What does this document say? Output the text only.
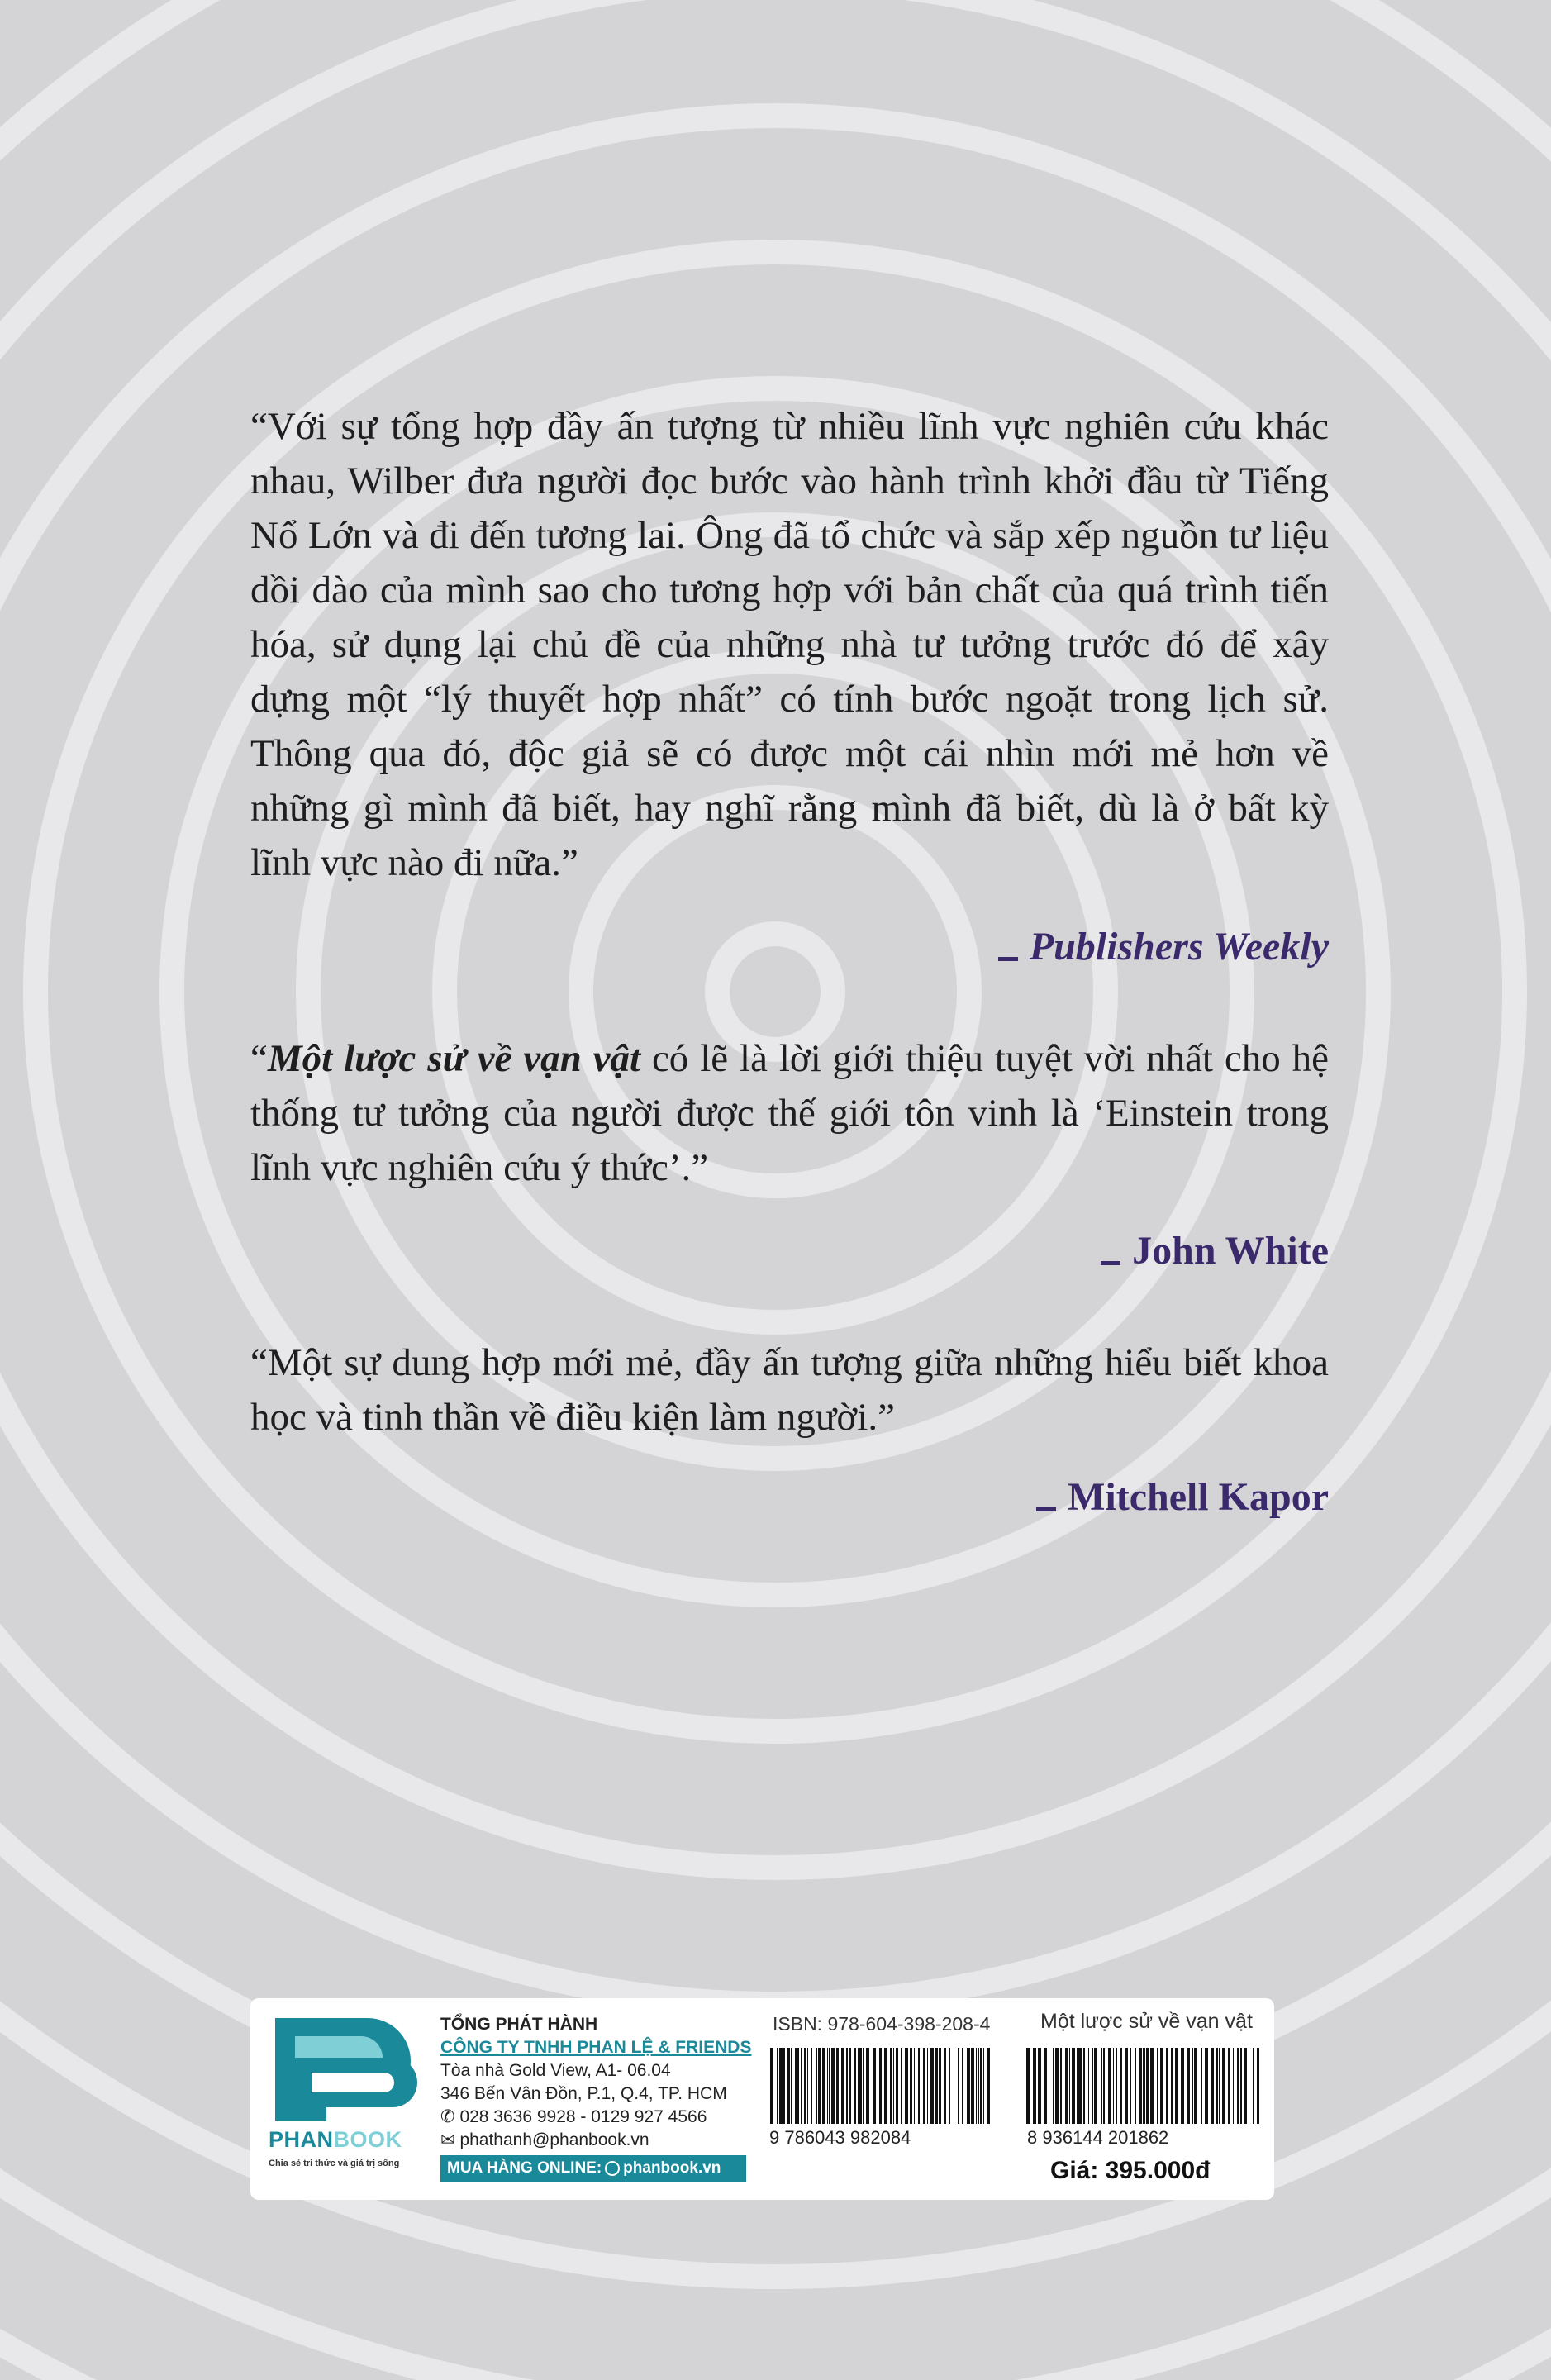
“Với sự tổng hợp đầy ấn tượng từ nhiều lĩnh vực nghiên cứu khác nhau, Wilber đưa người đọc bước vào hành trình khởi đầu từ Tiếng Nổ Lớn và đi đến tương lai. Ông đã tổ chức và sắp xếp nguồn tư liệu dồi dào của mình sao cho tương hợp với bản chất của quá trình tiến hóa, sử dụng lại chủ đề của những nhà tư tưởng trước đó để xây dựng một “lý thuyết hợp nhất” có tính bước ngoặt trong lịch sử. Thông qua đó, độc giả sẽ có được một cái nhìn mới mẻ hơn về những gì mình đã biết, hay nghĩ rằng mình đã biết, dù là ở bất kỳ lĩnh vực nào đi nữa.”
Publishers Weekly
“Một lược sử về vạn vật có lẽ là lời giới thiệu tuyệt vời nhất cho hệ thống tư tưởng của người được thế giới tôn vinh là ‘Einstein trong lĩnh vực nghiên cứu ý thức’.”
John White
“Một sự dung hợp mới mẻ, đầy ấn tượng giữa những hiểu biết khoa học và tinh thần về điều kiện làm người.”
Mitchell Kapor
PHANBOOK
Chia sẻ tri thức và giá trị sống
TỔNG PHÁT HÀNH
CÔNG TY TNHH PHAN LỆ & FRIENDS
Tòa nhà Gold View, A1- 06.04
346 Bến Vân Đồn, P.1, Q.4, TP. HCM
✆ 028 3636 9928 - 0129 927 4566
✉ phathanh@phanbook.vn
MUA HÀNG ONLINE: phanbook.vn
ISBN: 978-604-398-208-4
9 786043 982084	8 936144 201862
Một lược sử về vạn vật
Giá: 395.000đ
